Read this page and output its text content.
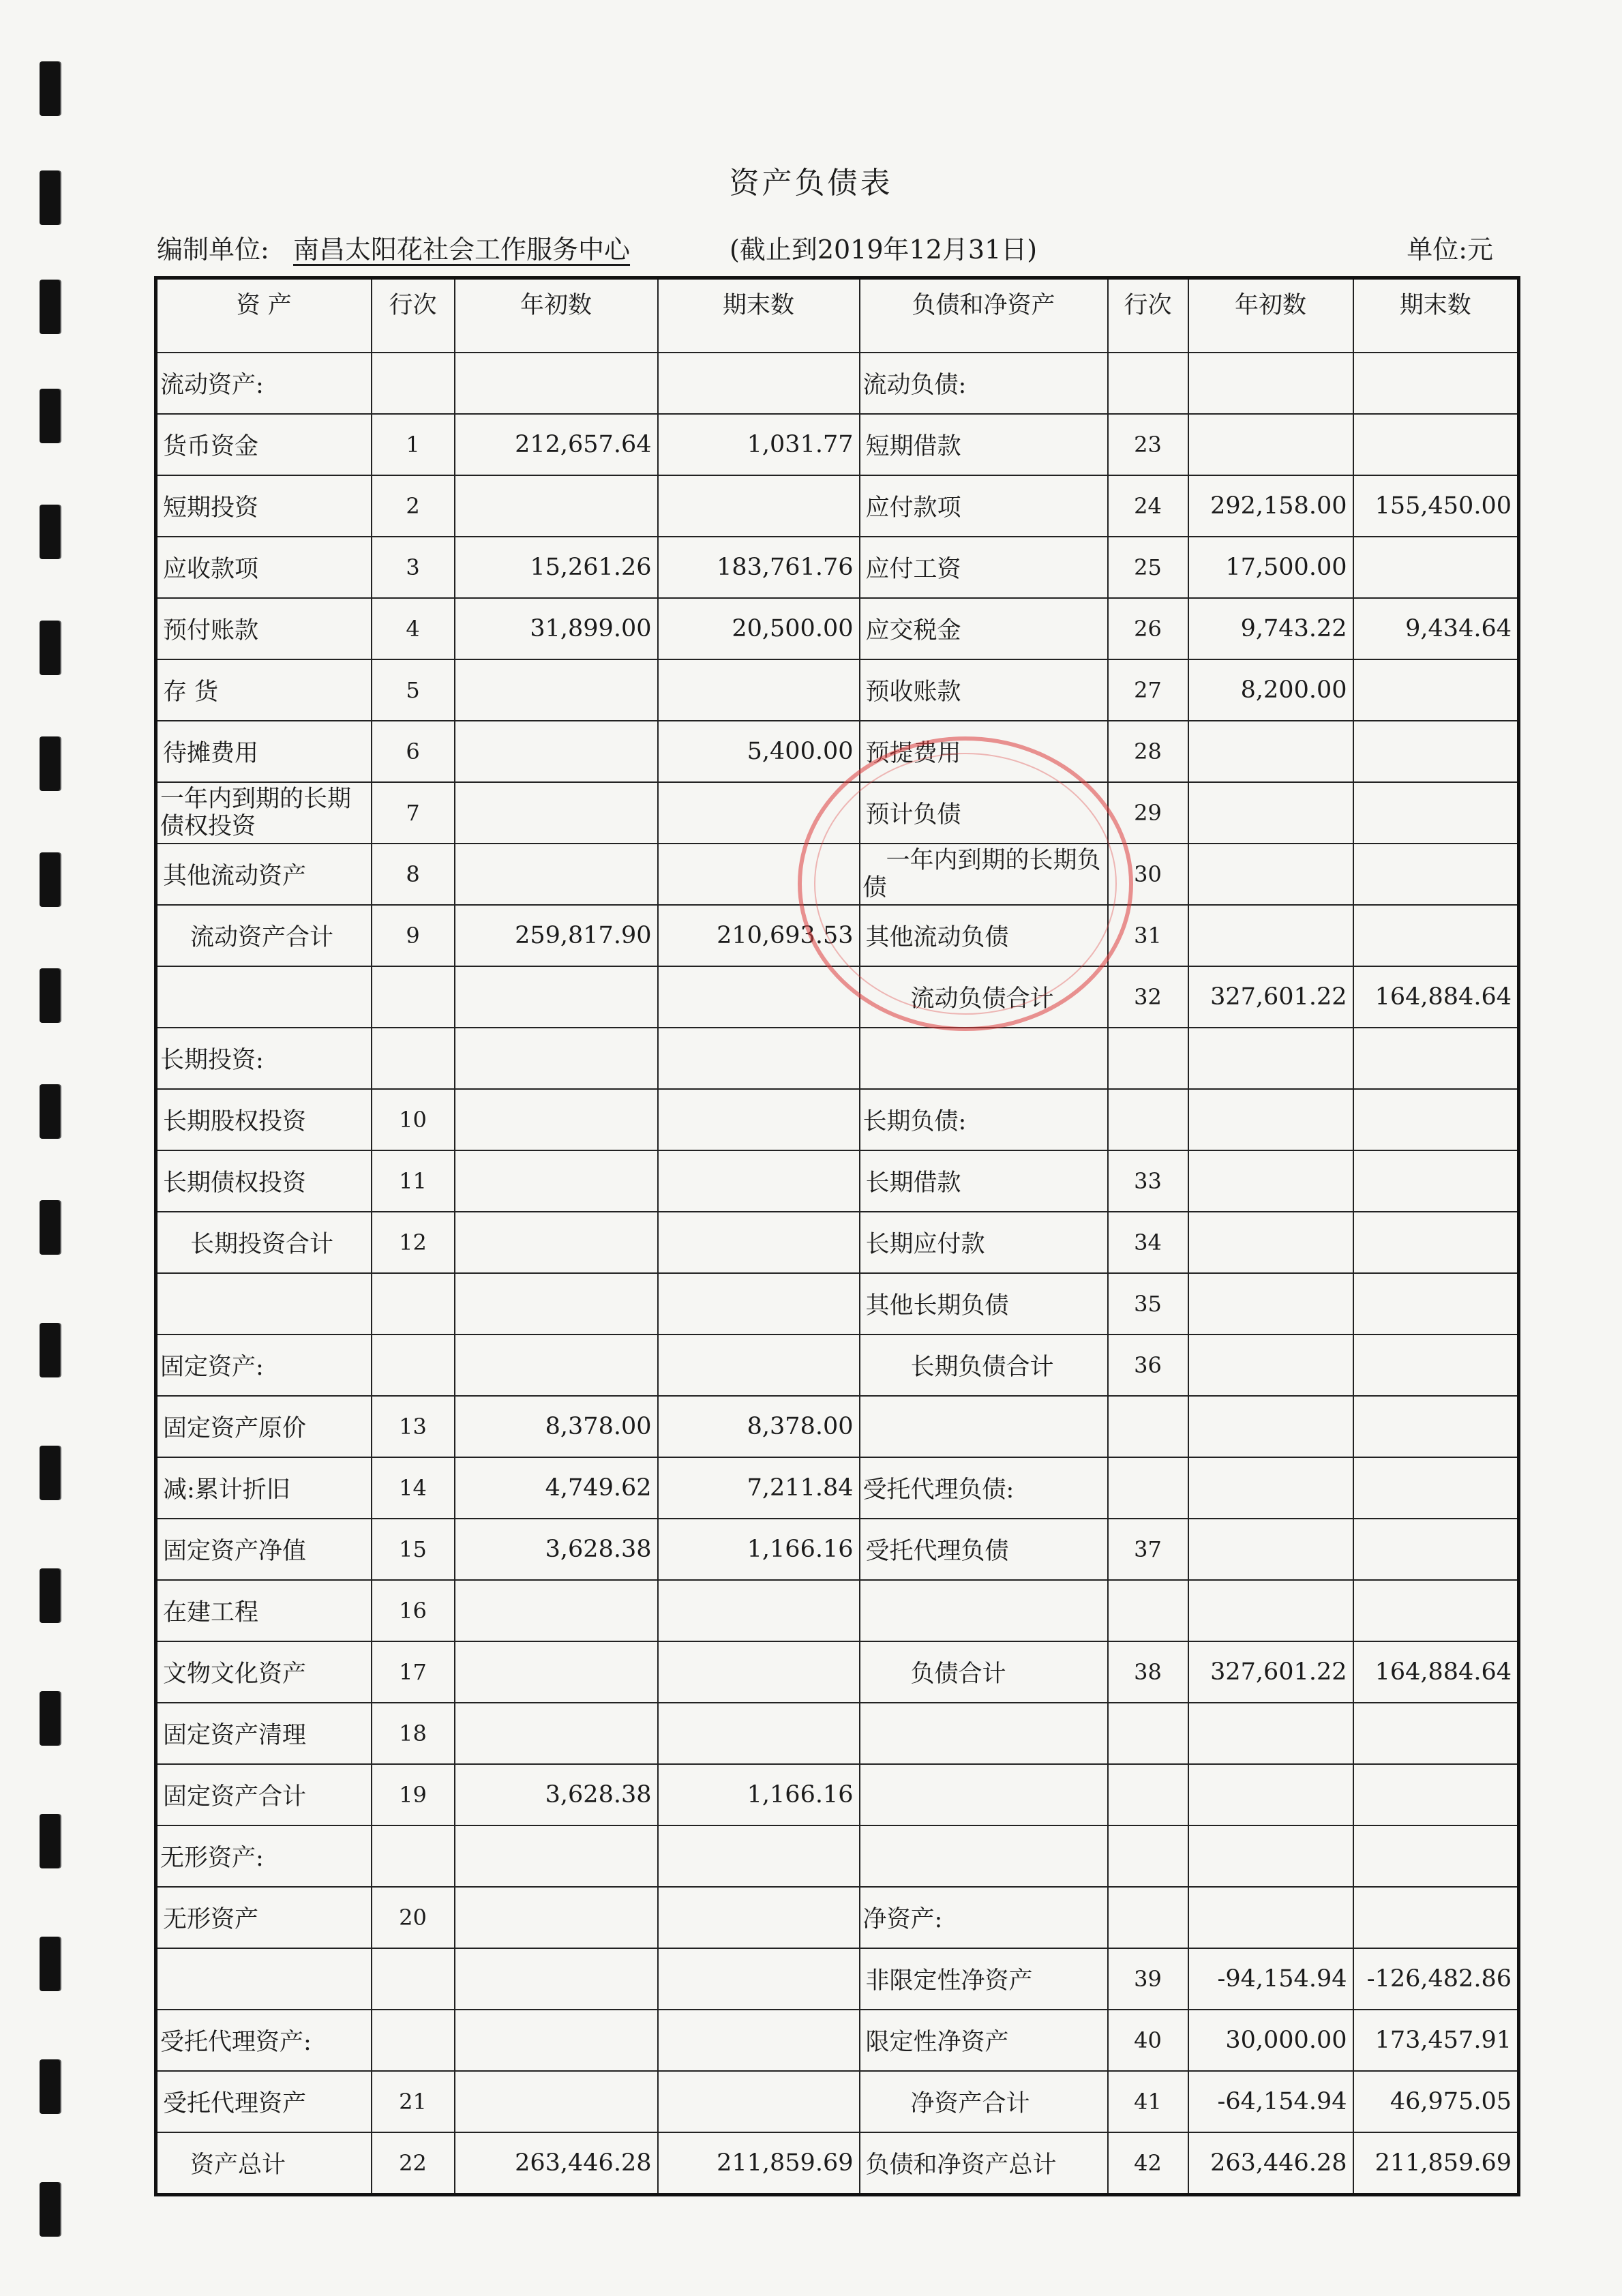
资产负债表
编制单位: 南昌太阳花社会工作服务中心	(截止到2019年12月31日)	单位:元
资 产	行次	年初数	期末数	负债和净资产	行次	年初数	期末数
流动资产:				流动负债:			
货币资金	1	212,657.64	1,031.77	短期借款	23		
短期投资	2			应付款项	24	292,158.00	155,450.00
应收款项	3	15,261.26	183,761.76	应付工资	25	17,500.00	
预付账款	4	31,899.00	20,500.00	应交税金	26	9,743.22	9,434.64
存 货	5			预收账款	27	8,200.00	
待摊费用	6		5,400.00	预提费用	28		
一年内到期的长期债权投资	7			预计负债	29		
其他流动资产	8			一年内到期的长期负债	30		
流动资产合计	9	259,817.90	210,693.53	其他流动负债	31		
				流动负债合计	32	327,601.22	164,884.64
长期投资:							
长期股权投资	10			长期负债:			
长期债权投资	11			长期借款	33		
长期投资合计	12			长期应付款	34		
				其他长期负债	35		
固定资产:				长期负债合计	36		
固定资产原价	13	8,378.00	8,378.00				
减:累计折旧	14	4,749.62	7,211.84	受托代理负债:			
固定资产净值	15	3,628.38	1,166.16	受托代理负债	37		
在建工程	16						
文物文化资产	17			负债合计	38	327,601.22	164,884.64
固定资产清理	18						
固定资产合计	19	3,628.38	1,166.16				
无形资产:							
无形资产	20			净资产:			
				非限定性净资产	39	-94,154.94	-126,482.86
受托代理资产:				限定性净资产	40	30,000.00	173,457.91
受托代理资产	21			净资产合计	41	-64,154.94	46,975.05
资产总计	22	263,446.28	211,859.69	负债和净资产总计	42	263,446.28	211,859.69
